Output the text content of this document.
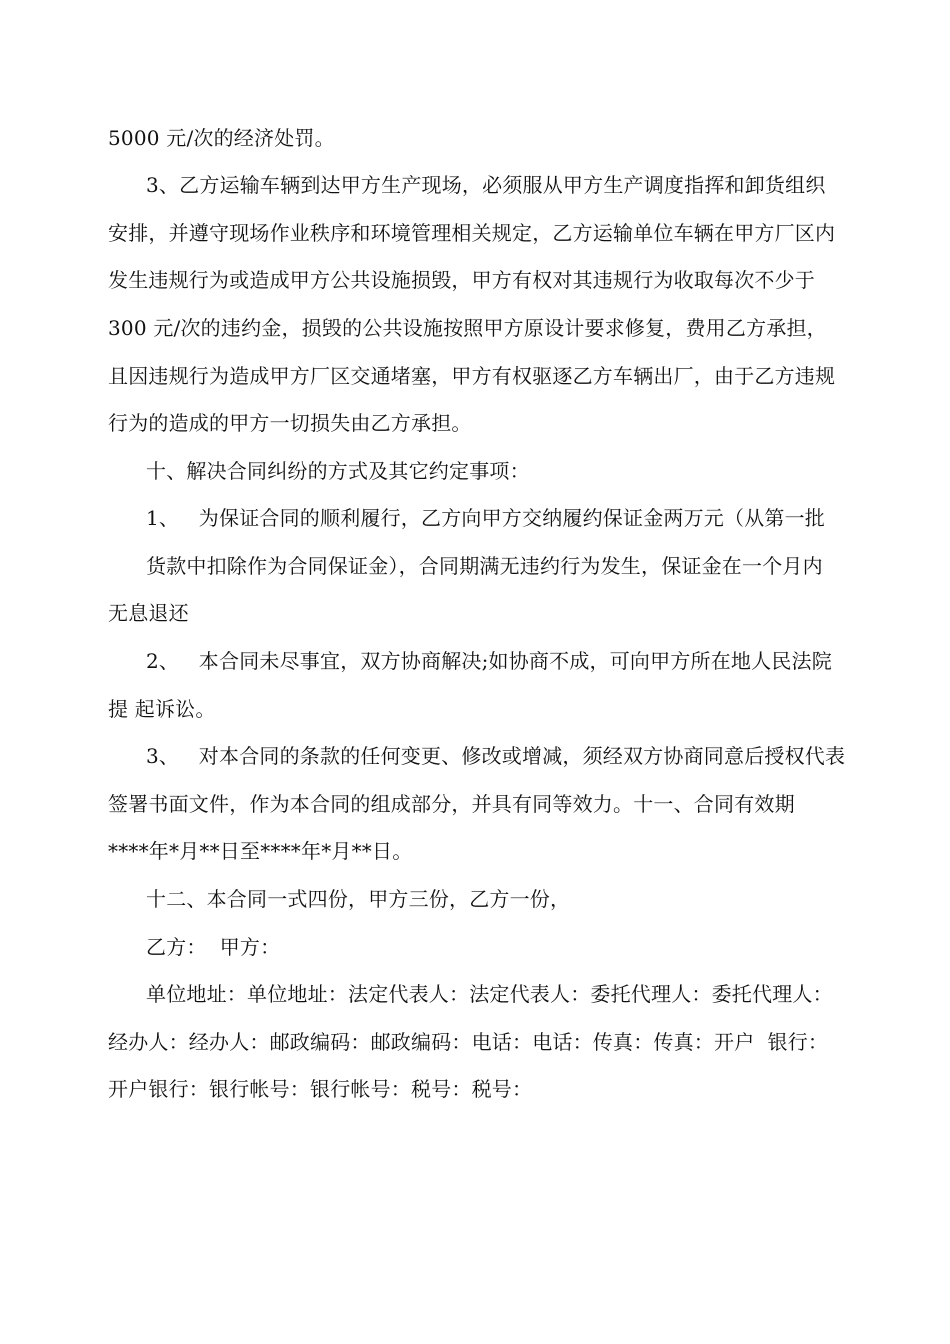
5000 元/次的经济处罚。
3、乙方运输车辆到达甲方生产现场，必须服从甲方生产调度指挥和卸货组织
安排，并遵守现场作业秩序和环境管理相关规定，乙方运输单位车辆在甲方厂区内
发生违规行为或造成甲方公共设施损毁，甲方有权对其违规行为收取每次不少于
300 元/次的违约金，损毁的公共设施按照甲方原设计要求修复，费用乙方承担，
且因违规行为造成甲方厂区交通堵塞，甲方有权驱逐乙方车辆出厂，由于乙方违规
行为的造成的甲方一切损失由乙方承担。
十、解决合同纠纷的方式及其它约定事项：
1、   为保证合同的顺利履行，乙方向甲方交纳履约保证金两万元（从第一批
货款中扣除作为合同保证金），合同期满无违约行为发生，保证金在一个月内
无息退还
2、   本合同未尽事宜，双方协商解决;如协商不成，可向甲方所在地人民法院
提 起诉讼。
3、   对本合同的条款的任何变更、修改或增减，须经双方协商同意后授权代表
签署书面文件，作为本合同的组成部分，并具有同等效力。十一、合同有效期
****年*月**日至****年*月**日。
十二、本合同一式四份，甲方三份，乙方一份，
乙方：  甲方：
单位地址：单位地址：法定代表人：法定代表人：委托代理人：委托代理人：
经办人：经办人：邮政编码：邮政编码：电话：电话：传真：传真：开户  银行：
开户银行：银行帐号：银行帐号：税号：税号：
